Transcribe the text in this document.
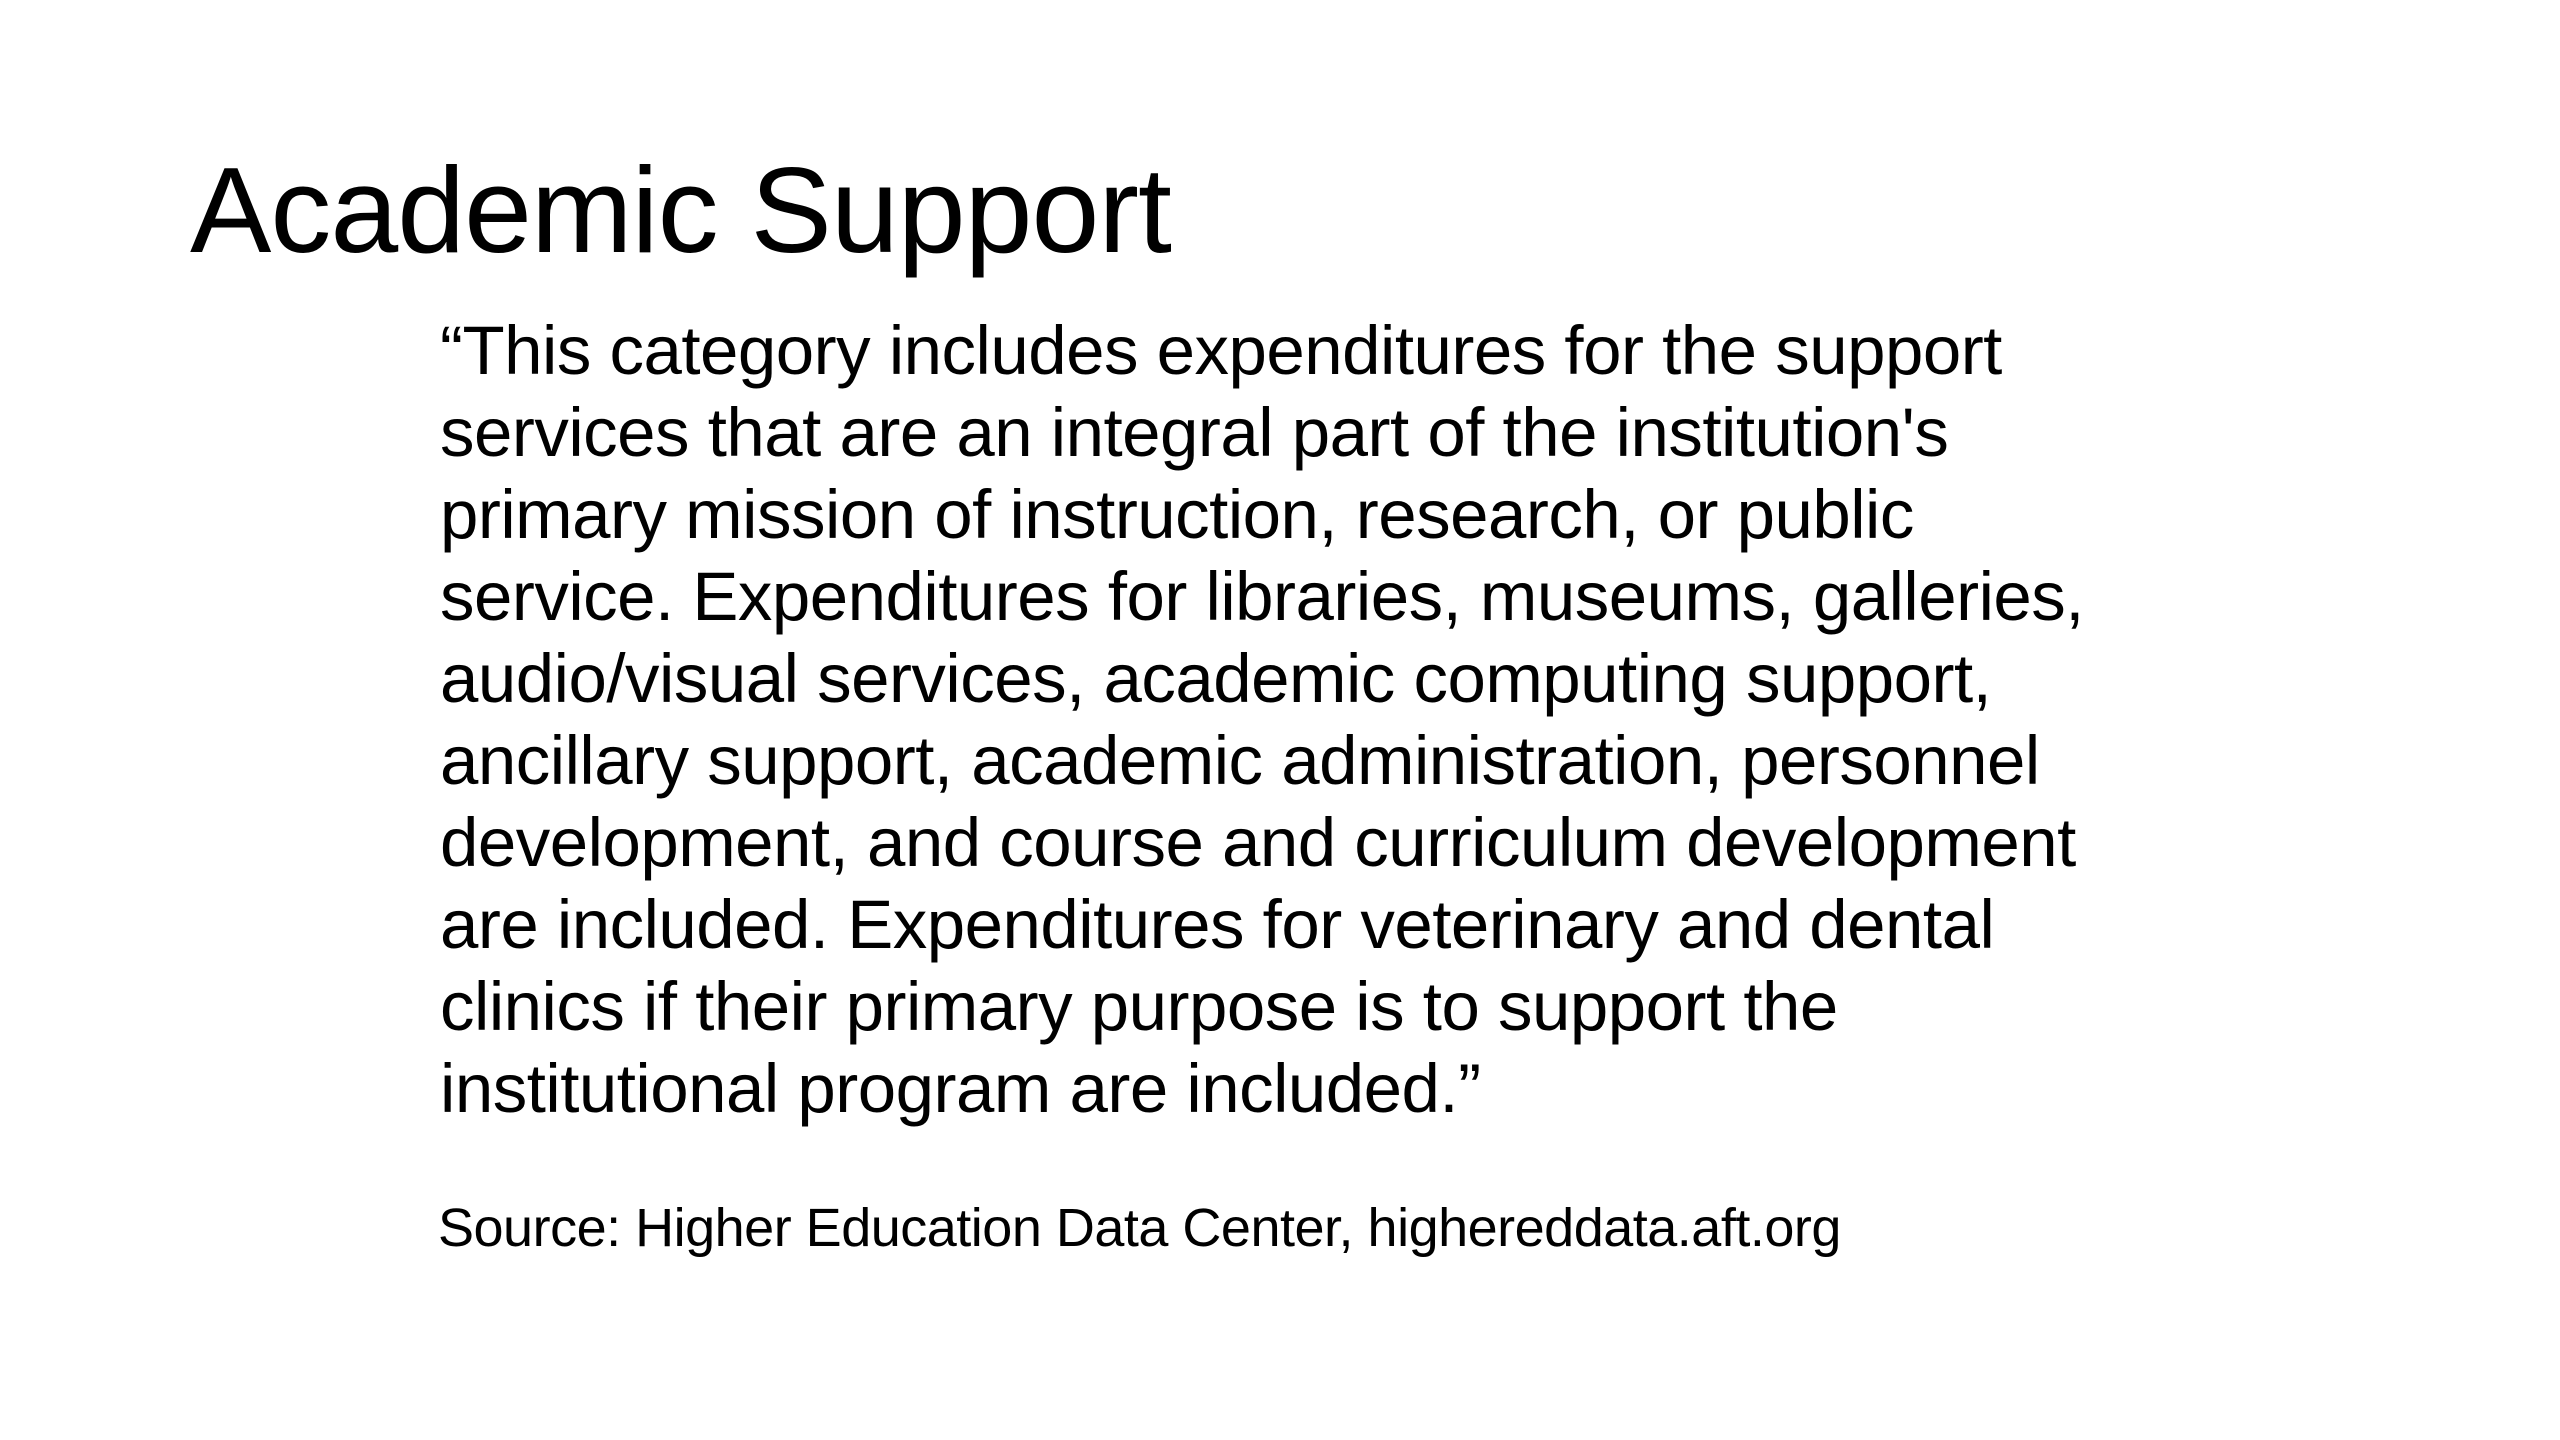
Academic Support
“This category includes expenditures for the support
services that are an integral part of the institution's
primary mission of instruction, research, or public
service. Expenditures for libraries, museums, galleries,
audio/visual services, academic computing support,
ancillary support, academic administration, personnel
development, and course and curriculum development
are included. Expenditures for veterinary and dental
clinics if their primary purpose is to support the
institutional program are included.”
Source: Higher Education Data Center, highereddata.aft.org
